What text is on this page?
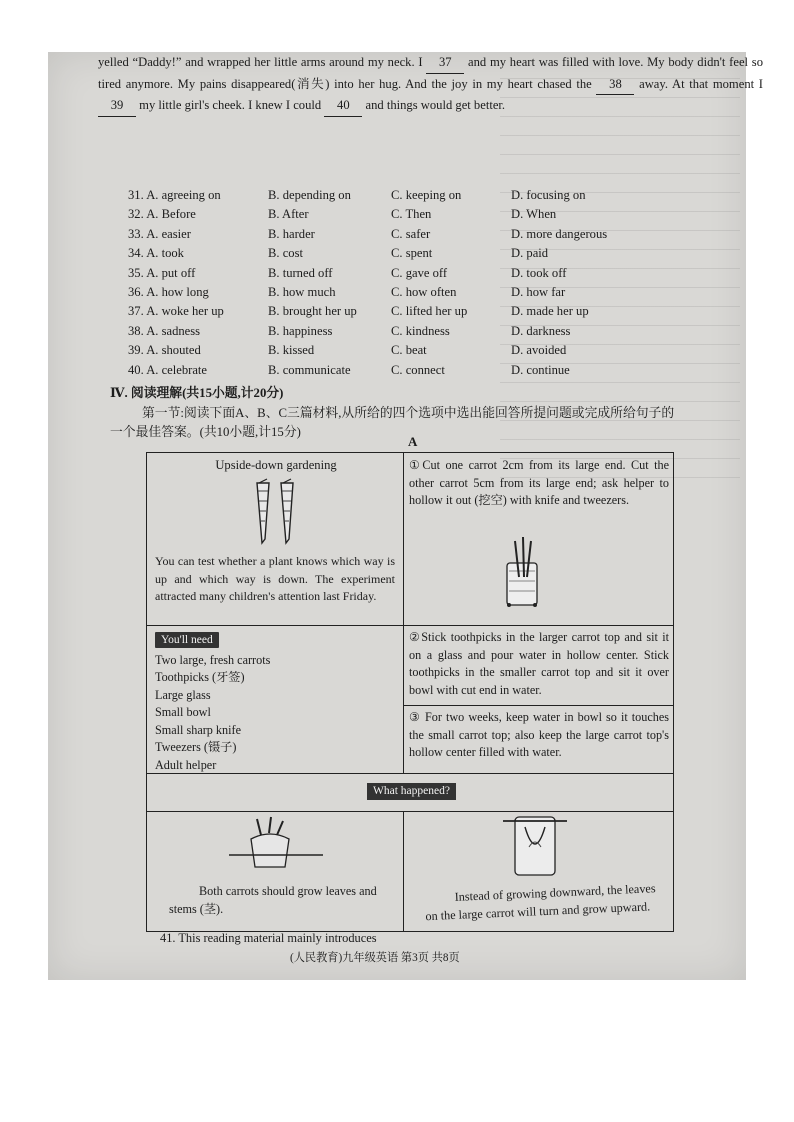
yelled “Daddy!” and wrapped her little arms around my neck. I 37 and my heart was filled with love. My body didn't feel so tired anymore. My pains disappeared(消失) into her hug. And the joy in my heart chased the 38 away. At that moment I 39 my little girl's cheek. I knew I could 40 and things would get better.
31. A. agreeing on	B. depending on	C. keeping on	D. focusing on
32. A. Before	B. After	C. Then	D. When
33. A. easier	B. harder	C. safer	D. more dangerous
34. A. took	B. cost	C. spent	D. paid
35. A. put off	B. turned off	C. gave off	D. took off
36. A. how long	B. how much	C. how often	D. how far
37. A. woke her up	B. brought her up	C. lifted her up	D. made her up
38. A. sadness	B. happiness	C. kindness	D. darkness
39. A. shouted	B. kissed	C. beat	D. avoided
40. A. celebrate	B. communicate	C. connect	D. continue
Ⅳ. 阅读理解(共15小题,计20分)
第一节:阅读下面A、B、C三篇材料,从所给的四个选项中选出能回答所提问题或完成所给句子的一个最佳答案。(共10小题,计15分)
A
Upside-down gardening
You can test whether a plant knows which way is up and which way is down. The experiment attracted many children's attention last Friday.
①Cut one carrot 2cm from its large end. Cut the other carrot 5cm from its large end; ask helper to hollow it out (挖空) with knife and tweezers.
You'll need
Two large, fresh carrots
Toothpicks (牙签)
Large glass
Small bowl
Small sharp knife
Tweezers (镊子)
Adult helper
②Stick toothpicks in the larger carrot top and sit it on a glass and pour water in hollow center. Stick toothpicks in the smaller carrot top and sit it over bowl with cut end in water.
③ For two weeks, keep water in bowl so it touches the small carrot top; also keep the large carrot top's hollow center filled with water.
What happened?
Both carrots should grow leaves and stems (茎).
Instead of growing downward, the leaves on the large carrot will turn and grow upward.
41. This reading material mainly introduces
(人民教育)九年级英语 第3页 共8页
